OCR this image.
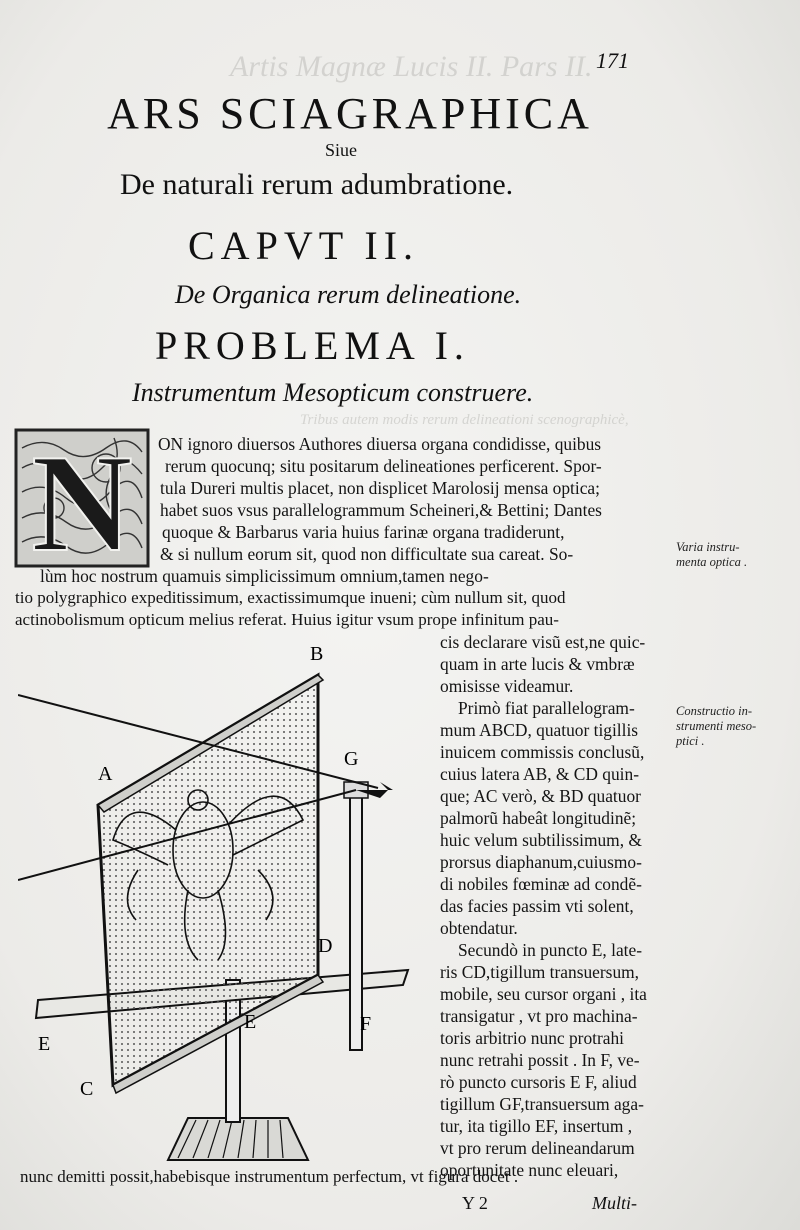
Artis Magnæ Lucis II. Pars II.
Tribus autem modis rerum delineationi scenographicè,
171
ARS SCIAGRAPHICA
Siue
De naturali rerum adumbratione.
CAPVT II.
De Organica rerum delineatione.
PROBLEMA I.
Instrumentum Mesopticum construere.
N ON ignoro diuersos Authores diuersa organa condidisse, quibus
rerum quocunq; situ positarum delineationes perficerent. Spor-
tula Dureri multis placet, non displicet Marolosij mensa optica;
habet suos vsus parallelogrammum Scheineri,& Bettini; Dantes
quoque & Barbarus varia huius farinæ organa tradiderunt,
& si nullum eorum sit, quod non difficultate sua careat. So-
lùm hoc nostrum quamuis simplicissimum omnium,tamen nego-
tio polygraphico expeditissimum, exactissimumque inueni; cùm nullum sit, quod
actinobolismum opticum melius referat. Huius igitur vsum prope infinitum pau-
cis declarare visũ est,ne quic-
quam in arte lucis & vmbræ
omisisse videamur.
Primò fiat parallelogram-
mum ABCD, quatuor tigillis
inuicem commissis conclusũ,
cuius latera AB, & CD quin-
que; AC verò, & BD quatuor
palmorũ habeât longitudinẽ;
huic velum subtilissimum, &
prorsus diaphanum,cuiusmo-
di nobiles fœminæ ad condẽ-
das facies passim vti solent,
obtendatur.
Secundò in puncto E, late-
ris CD,tigillum transuersum,
mobile, seu cursor organi , ita
transigatur , vt pro machina-
toris arbitrio nunc protrahi
nunc retrahi possit . In F, ve-
rò puncto cursoris E F, aliud
tigillum GF,transuersum aga-
tur, ita tigillo EF, insertum ,
vt pro rerum delineandarum
oportunitate nunc eleuari,
nunc demitti possit,habebisque instrumentum perfectum, vt figura docet .
Varia instru-
menta optica .
Constructio in-
strumenti meso-
ptici .
A
B
G
D
E
E	F
C
Y 2	Multi-
